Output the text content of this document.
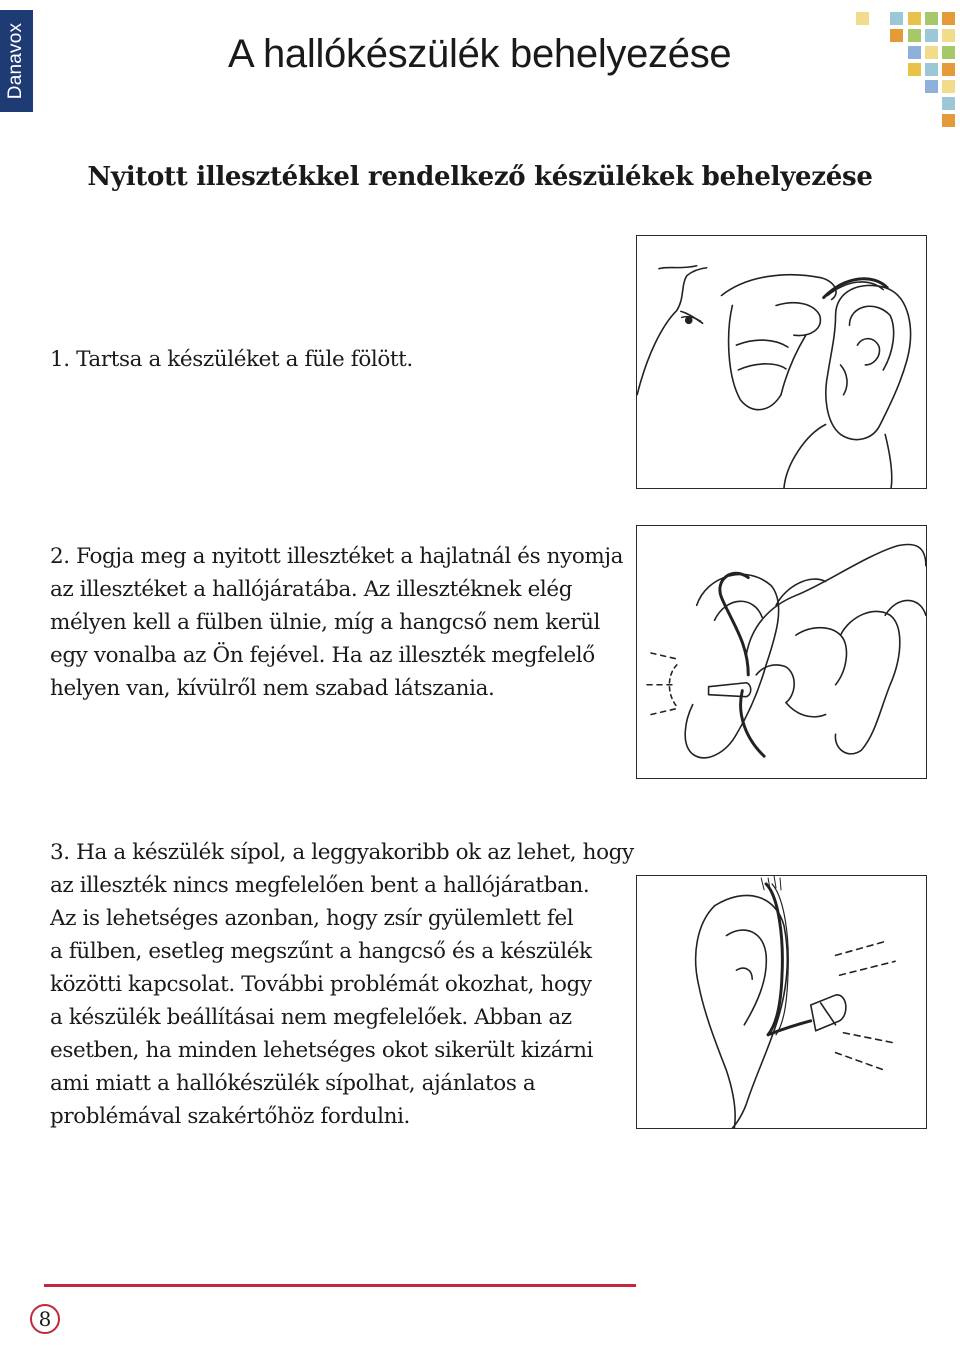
Danavox	A hallókészülék behelyezése
Nyitott illesztékkel rendelkező készülékek behelyezése

1. Tartsa a készüléket a füle fölött.

2. Fogja meg a nyitott illesztéket a hajlatnál és nyomja
az illesztéket a hallójáratába. Az illesztéknek elég
mélyen kell a fülben ülnie, míg a hangcső nem kerül
egy vonalba az Ön fejével. Ha az illeszték megfelelő
helyen van, kívülről nem szabad látszania.

3. Ha a készülék sípol, a leggyakoribb ok az lehet, hogy
az illeszték nincs megfelelően bent a hallójáratban.
Az is lehetséges azonban, hogy zsír gyülemlett fel
a fülben, esetleg megszűnt a hangcső és a készülék
közötti kapcsolat. További problémát okozhat, hogy
a készülék beállításai nem megfelelőek. Abban az
esetben, ha minden lehetséges okot sikerült kizárni
ami miatt a hallókészülék sípolhat, ajánlatos a
problémával szakértőhöz fordulni.

8
